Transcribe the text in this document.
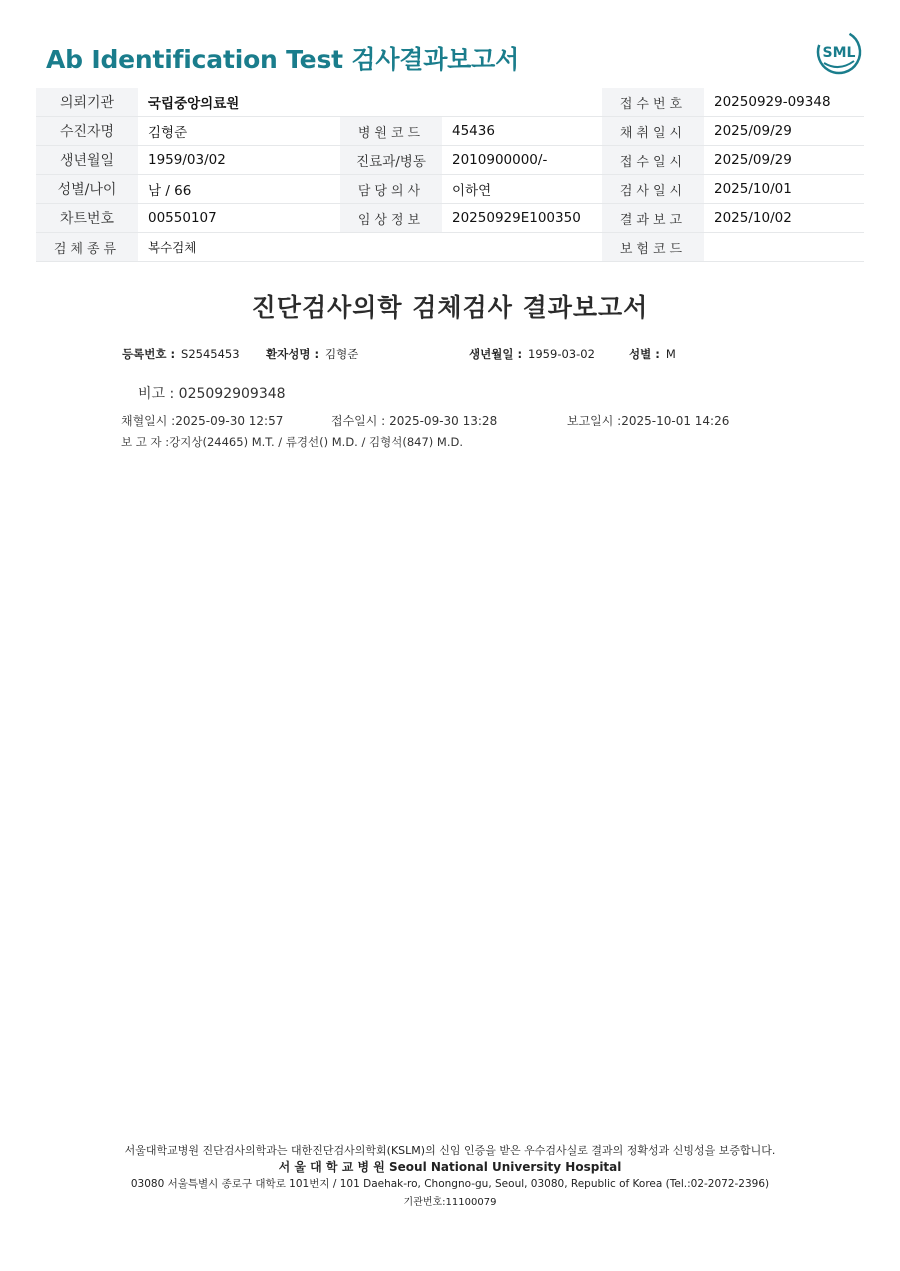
Ab Identification Test 검사결과보고서	SML
의뢰기관	국립중앙의료원			접수번호	20250929-09348
수진자명	김형준	병원코드	45436	채취일시	2025/09/29
생년월일	1959/03/02	진료과/병동	2010900000/-	접수일시	2025/09/29
성별/나이	남 / 66	담당의사	이하연	검사일시	2025/10/01
차트번호	00550107	임상정보	20250929E100350	결과보고	2025/10/02
검체종류	복수검체			보험코드	
진단검사의학 검체검사 결과보고서
등록번호 : S2545453 환자성명 : 김형준	생년월일 : 1959-03-02	성별 : M
비고 : 025092909348
채혈일시 :2025-09-30 12:57	접수일시 : 2025-09-30 13:28	보고일시 :2025-10-01 14:26
보 고 자 :강지상(24465) M.T. / 류경선() M.D. / 김형석(847) M.D.
서울대학교병원 진단검사의학과는 대한진단검사의학회(KSLM)의 신임 인증을 받은 우수검사실로 결과의 정확성과 신빙성을 보증합니다.
서 울 대 학 교 병 원 Seoul National University Hospital
03080 서울특별시 종로구 대학로 101번지 / 101 Daehak-ro, Chongno-gu, Seoul, 03080, Republic of Korea (Tel.:02-2072-2396)
기관번호:11100079
